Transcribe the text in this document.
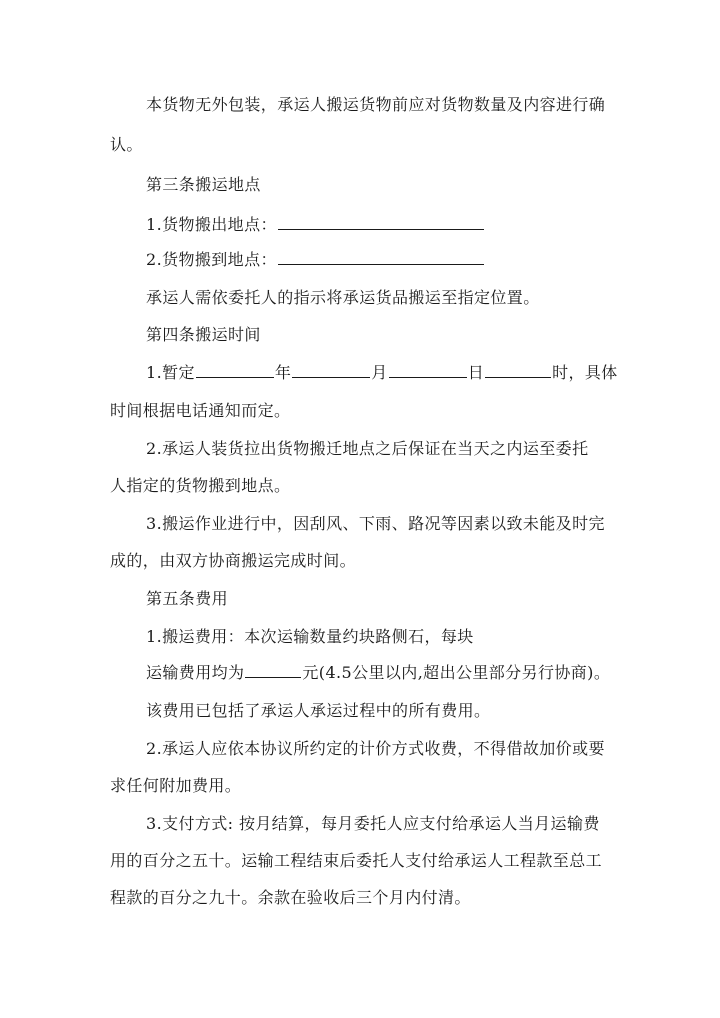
本货物无外包装，承运人搬运货物前应对货物数量及内容进行确
认。
第三条搬运地点
1.货物搬出地点：
2.货物搬到地点：
承运人需依委托人的指示将承运货品搬运至指定位置。
第四条搬运时间
1.暂定	年	月	日	时，具体
时间根据电话通知而定。
2.承运人装货拉出货物搬迁地点之后保证在当天之内运至委托
人指定的货物搬到地点。
3.搬运作业进行中，因刮风、下雨、路况等因素以致未能及时完
成的，由双方协商搬运完成时间。
第五条费用
1.搬运费用：本次运输数量约块路侧石，每块
运输费用均为	元(4.5公里以内,超出公里部分另行协商)。
该费用已包括了承运人承运过程中的所有费用。
2.承运人应依本协议所约定的计价方式收费，不得借故加价或要
求任何附加费用。
3.支付方式: 按月结算，每月委托人应支付给承运人当月运输费
用的百分之五十。运输工程结束后委托人支付给承运人工程款至总工
程款的百分之九十。余款在验收后三个月内付清。
